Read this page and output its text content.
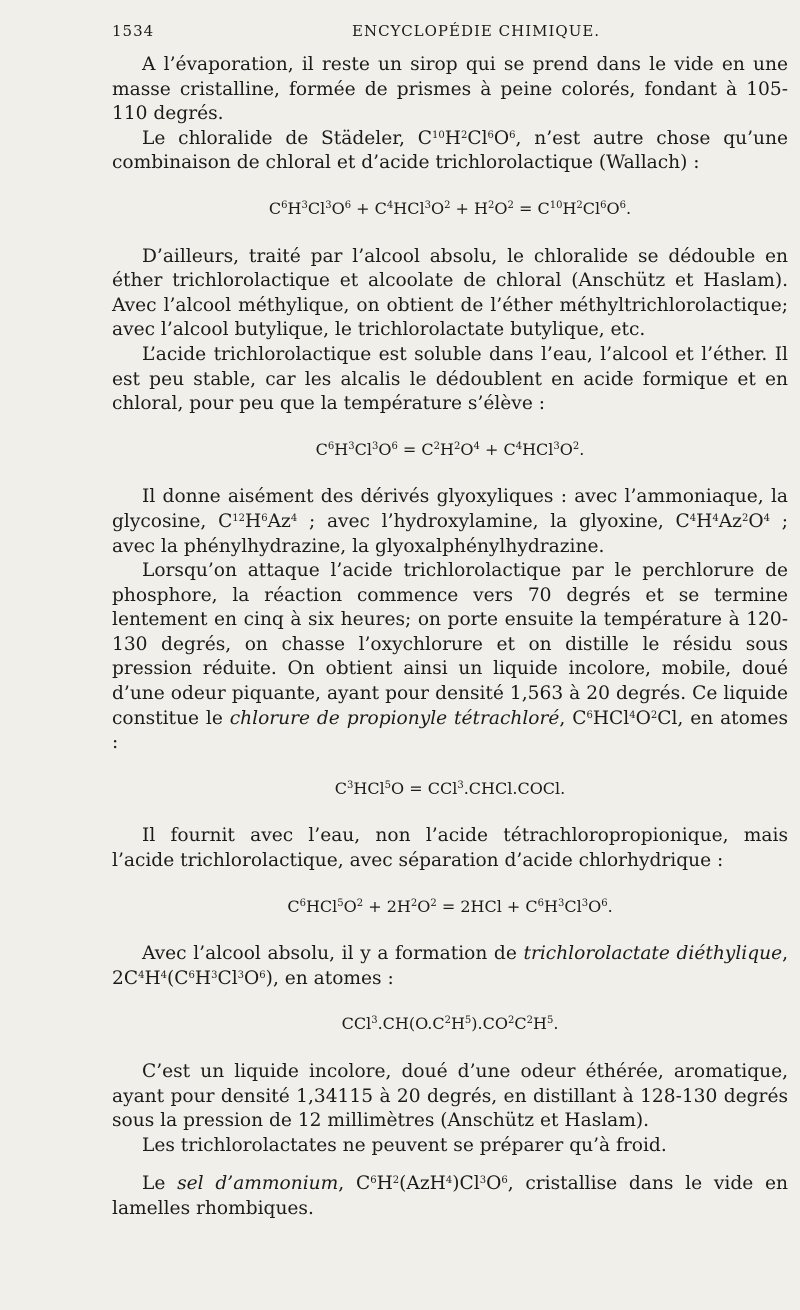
1534	ENCYCLOPÉDIE CHIMIQUE.

A l’évaporation, il reste un sirop qui se prend dans le vide en une masse cristalline, formée de prismes à peine colorés, fondant à 105-110 degrés.

Le chloralide de Städeler, $C^{10}H^2Cl^6O^6$, n’est autre chose qu’une combinaison de chloral et d’acide trichlorolactique (Wallach) :

$C^6H^3Cl^3O^6 + C^4HCl^3O^2 + H^2O^2 = C^{10}H^2Cl^6O^6$.

D’ailleurs, traité par l’alcool absolu, le chloralide se dédouble en éther trichlorolactique et alcoolate de chloral (Anschütz et Haslam). Avec l’alcool méthylique, on obtient de l’éther méthyltrichlorolactique; avec l’alcool butylique, le trichlorolactate butylique, etc.

L’acide trichlorolactique est soluble dans l’eau, l’alcool et l’éther. Il est peu stable, car les alcalis le dédoublent en acide formique et en chloral, pour peu que la température s’élève :

$C^6H^3Cl^3O^6 = C^2H^2O^4 + C^4HCl^3O^2$.

Il donne aisément des dérivés glyoxyliques : avec l’ammoniaque, la glycosine, $C^{12}H^6Az^4$ ; avec l’hydroxylamine, la glyoxine, $C^4H^4Az^2O^4$ ; avec la phénylhydrazine, la glyoxalphénylhydrazine.

Lorsqu’on attaque l’acide trichlorolactique par le perchlorure de phosphore, la réaction commence vers 70 degrés et se termine lentement en cinq à six heures; on porte ensuite la température à 120-130 degrés, on chasse l’oxychlorure et on distille le résidu sous pression réduite. On obtient ainsi un liquide incolore, mobile, doué d’une odeur piquante, ayant pour densité 1,563 à 20 degrés. Ce liquide constitue le chlorure de propionyle tétrachloré, $C^6HCl^4O^2Cl$, en atomes :

$C^3HCl^5O$ = CCl$^3$.CHCl.COCl.

Il fournit avec l’eau, non l’acide tétrachloropropionique, mais l’acide trichlorolactique, avec séparation d’acide chlorhydrique :

$C^6HCl^5O^2 + 2H^2O^2 = 2HCl + C^6H^3Cl^3O^6$.

Avec l’alcool absolu, il y a formation de trichlorolactate diéthylique, $2C^4H^4(C^6H^3Cl^3O^6)$, en atomes :

$CCl^3.CH(O.C^2H^5).CO^2C^2H^5$.

C’est un liquide incolore, doué d’une odeur éthérée, aromatique, ayant pour densité 1,34115 à 20 degrés, en distillant à 128-130 degrés sous la pression de 12 millimètres (Anschütz et Haslam).

Les trichlorolactates ne peuvent se préparer qu’à froid.

Le sel d’ammonium, $C^6H^2(AzH^4)Cl^3O^6$, cristallise dans le vide en lamelles rhombiques.
